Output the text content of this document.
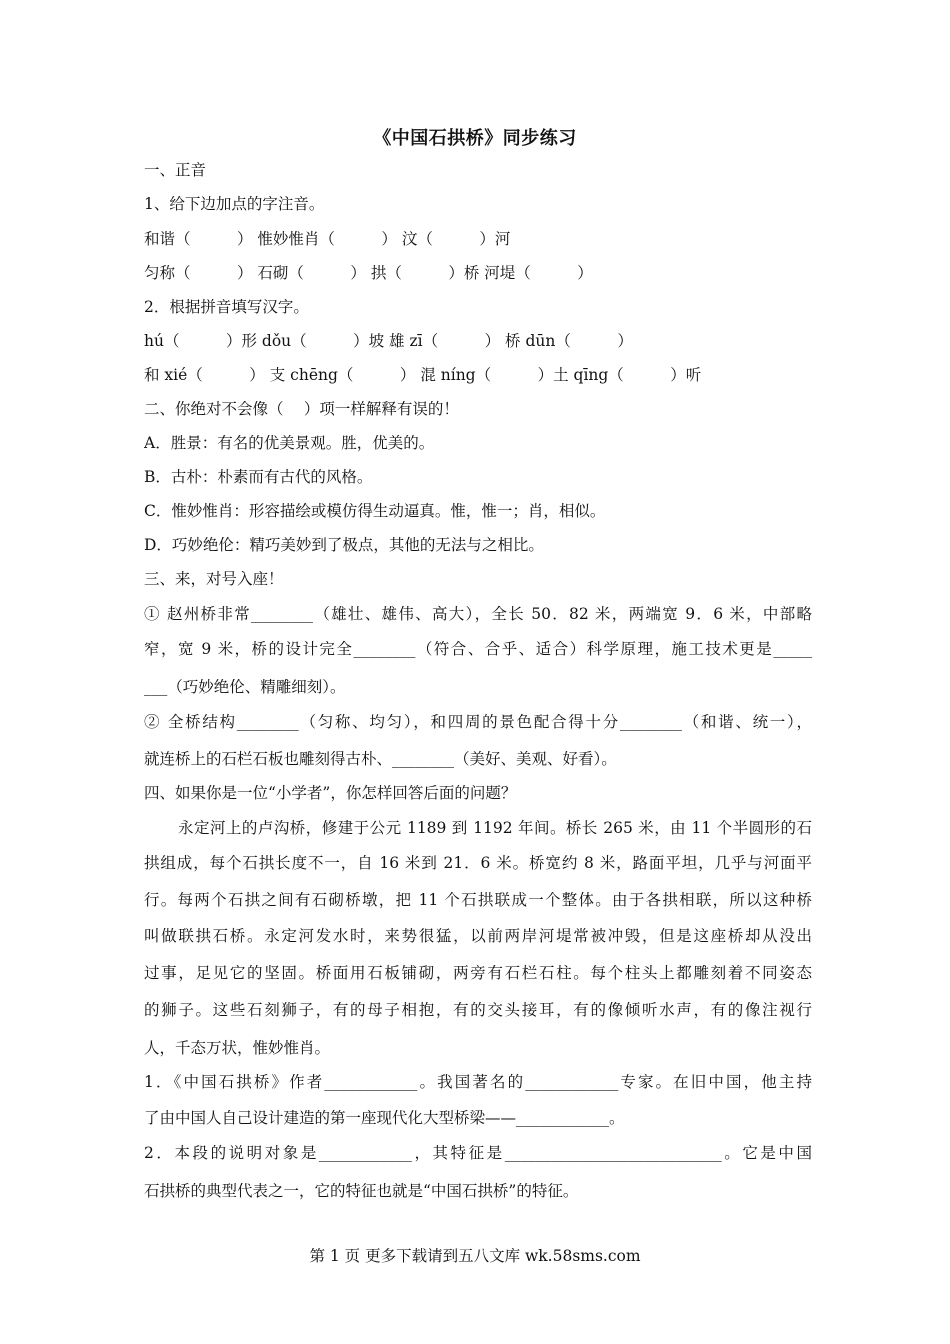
《中国石拱桥》同步练习
一、正音
1、给下边加点的字注音。
和谐（　　　） 惟妙惟肖（　　　） 汶（　　　）河
匀称（　　　） 石砌（　　　） 拱（　　　）桥 河堤（　　　）
2．根据拼音填写汉字。
hú（　　　）形 dǒu（　　　）坡 雄 zī（　　　） 桥 dūn（　　　）
和 xié（　　　） 支 chēng（　　　） 混 níng（　　　）土 qīng（　　　）听
二、你绝对不会像（　 ）项一样解释有误的！
A．胜景：有名的优美景观。胜，优美的。
B．古朴：朴素而有古代的风格。
C．惟妙惟肖：形容描绘或模仿得生动逼真。惟，惟一；肖，相似。
D．巧妙绝伦：精巧美妙到了极点，其他的无法与之相比。
三、来，对号入座！
① 赵州桥非常________（雄壮、雄伟、高大），全长 50．82 米，两端宽 9．6 米，中部略
窄，宽 9 米，桥的设计完全________（符合、合乎、适合）科学原理，施工技术更是_____
___（巧妙绝伦、精雕细刻）。
② 全桥结构________（匀称、均匀），和四周的景色配合得十分________（和谐、统一），
就连桥上的石栏石板也雕刻得古朴、________（美好、美观、好看）。
四、如果你是一位“小学者”，你怎样回答后面的问题？
永定河上的卢沟桥，修建于公元 1189 到 1192 年间。桥长 265 米，由 11 个半圆形的石
拱组成，每个石拱长度不一，自 16 米到 21．6 米。桥宽约 8 米，路面平坦，几乎与河面平
行。每两个石拱之间有石砌桥墩，把 11 个石拱联成一个整体。由于各拱相联，所以这种桥
叫做联拱石桥。永定河发水时，来势很猛，以前两岸河堤常被冲毁，但是这座桥却从没出
过事，足见它的坚固。桥面用石板铺砌，两旁有石栏石柱。每个柱头上都雕刻着不同姿态
的狮子。这些石刻狮子，有的母子相抱，有的交头接耳，有的像倾听水声，有的像注视行
人，千态万状，惟妙惟肖。
1．《中国石拱桥》作者____________。我国著名的____________专家。在旧中国，他主持
了由中国人自己设计建造的第一座现代化大型桥梁——____________。
2．本段的说明对象是____________，其特征是____________________________。它是中国
石拱桥的典型代表之一，它的特征也就是“中国石拱桥”的特征。
第 1 页 更多下载请到五八文库 wk.58sms.com
